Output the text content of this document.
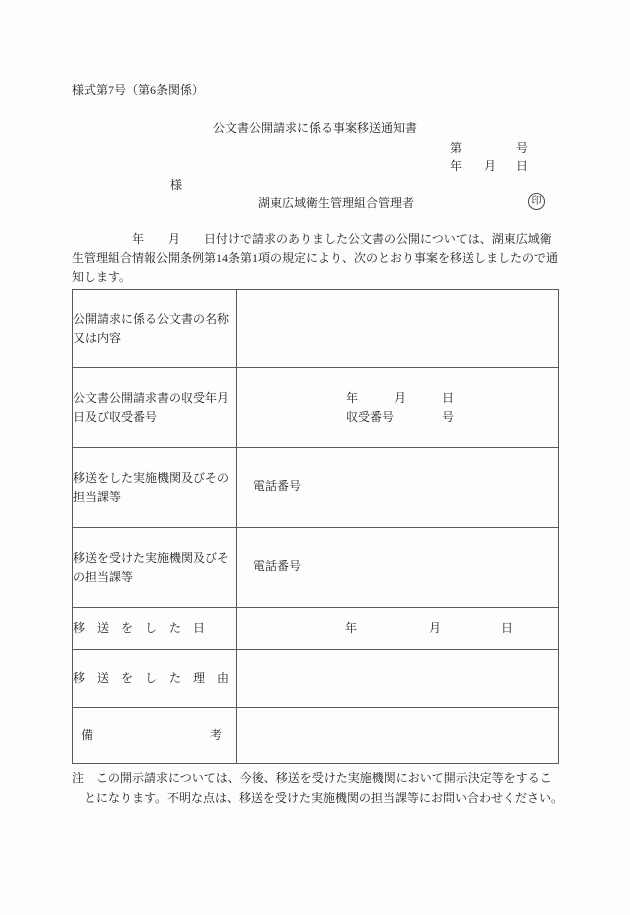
様式第7号（第6条関係）
公文書公開請求に係る事案移送通知書
第	号
年 月 日
様
湖東広域衛生管理組合管理者	印
　　　　　年　　月　　日付けで請求のありました公文書の公開については、湖東広域衛
生管理組合情報公開条例第14条第1項の規定により、次のとおり事案を移送しましたので通
知します。
公開請求に係る公文書の名称又は内容	
公文書公開請求書の収受年月日及び収受番号	年　　　月　　　日
収受番号　　　　号

移送をした実施機関及びその担当課等	電話番号

移送を受けた実施機関及びその担当課等	電話番号

移　送　を　し　た　日	年　　　　　　月　　　　　日

移　送　を　し　た　理　由	

備 考	

注　この開示請求については、今後、移送を受けた実施機関において開示決定等をするこ
　とになります。不明な点は、移送を受けた実施機関の担当課等にお問い合わせください。
